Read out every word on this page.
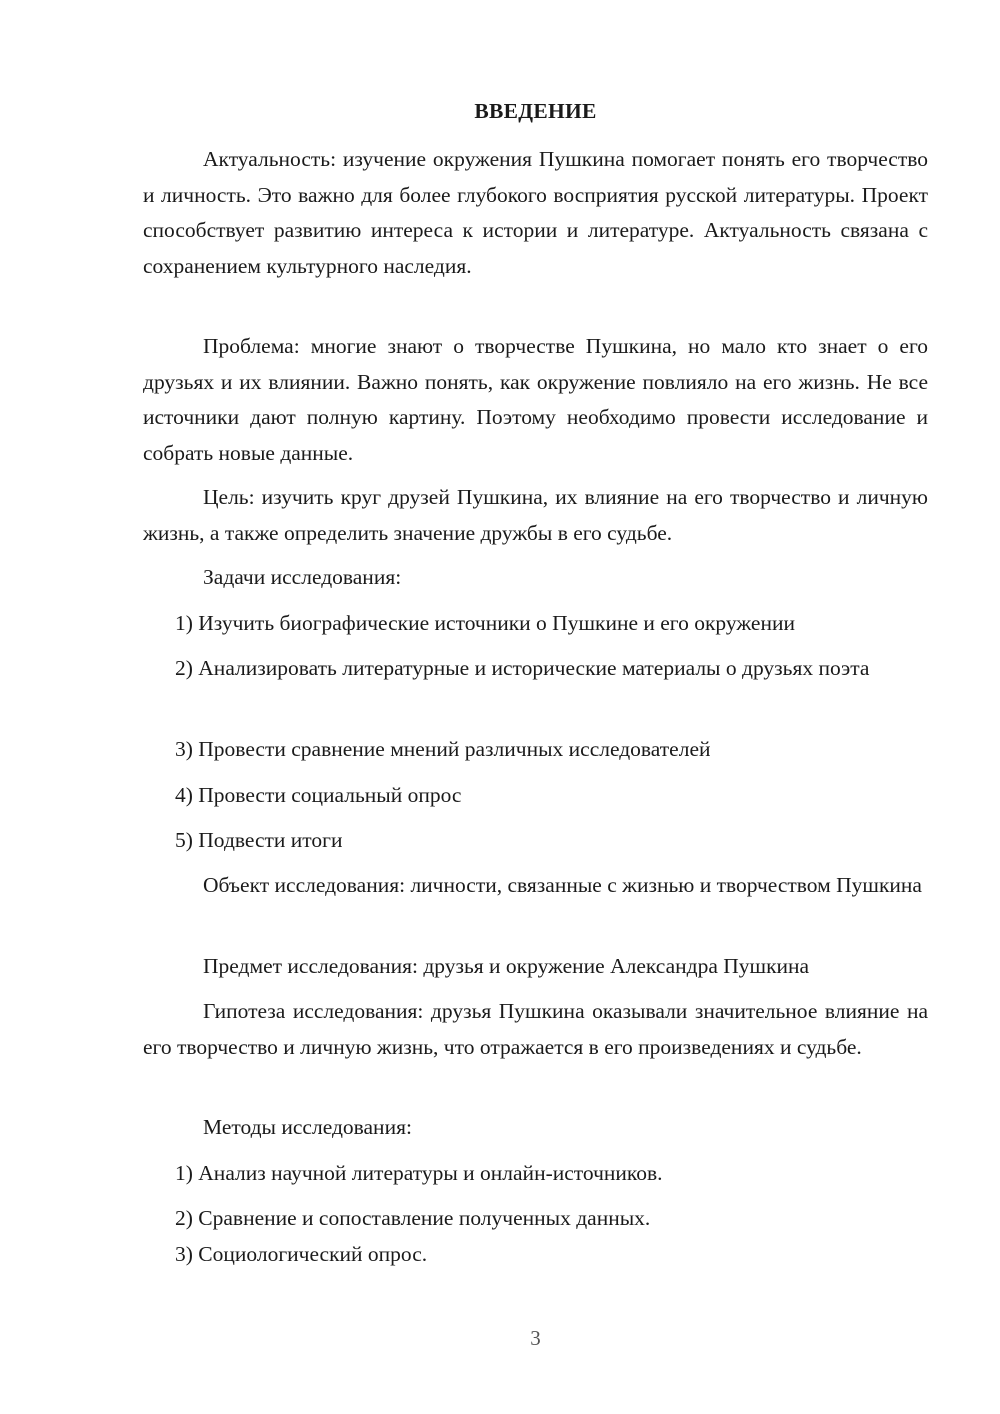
ВВЕДЕНИЕ

Актуальность: изучение окружения Пушкина помогает понять его творчество и личность. Это важно для более глубокого восприятия русской литературы. Проект способствует развитию интереса к истории и литературе. Актуальность связана с сохранением культурного наследия.

Проблема: многие знают о творчестве Пушкина, но мало кто знает о его друзьях и их влиянии. Важно понять, как окружение повлияло на его жизнь. Не все источники дают полную картину. Поэтому необходимо провести исследование и собрать новые данные.

Цель: изучить круг друзей Пушкина, их влияние на его творчество и личную жизнь, а также определить значение дружбы в его судьбе.

Задачи исследования:

1) Изучить биографические источники о Пушкине и его окружении

2) Анализировать литературные и исторические материалы о друзьях поэта

3) Провести сравнение мнений различных исследователей

4) Провести социальный опрос

5) Подвести итоги

Объект исследования: личности, связанные с жизнью и творчеством Пушкина

Предмет исследования: друзья и окружение Александра Пушкина

Гипотеза исследования: друзья Пушкина оказывали значительное влияние на его творчество и личную жизнь, что отражается в его произведениях и судьбе.

Методы исследования:

1) Анализ научной литературы и онлайн-источников.

2) Сравнение и сопоставление полученных данных.

3) Социологический опрос.

3
